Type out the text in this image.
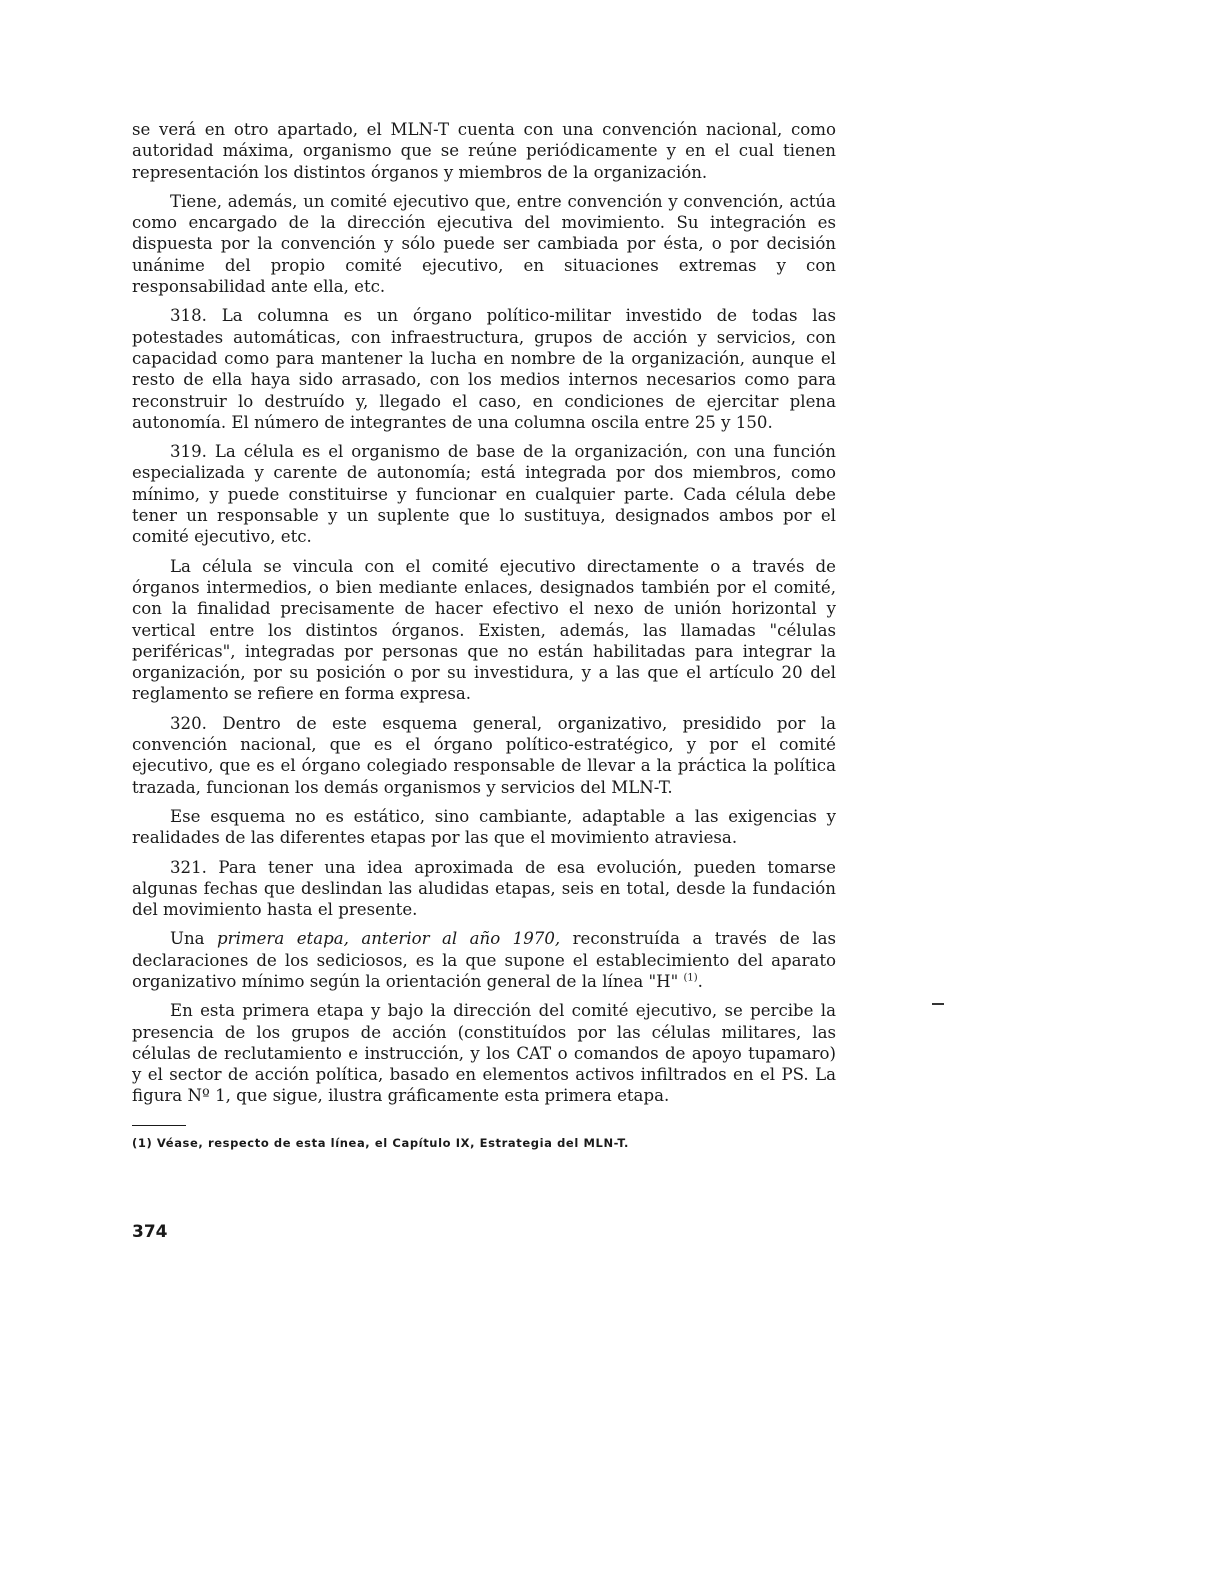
se verá en otro apartado, el MLN-T cuenta con una convención nacional, como autoridad máxima, organismo que se reúne periódicamente y en el cual tienen representación los distintos órganos y miembros de la organización.

Tiene, además, un comité ejecutivo que, entre convención y convención, actúa como encargado de la dirección ejecutiva del movimiento. Su integración es dispuesta por la convención y sólo puede ser cambiada por ésta, o por decisión unánime del propio comité ejecutivo, en situaciones extremas y con responsabilidad ante ella, etc.

318. La columna es un órgano político-militar investido de todas las potestades automáticas, con infraestructura, grupos de acción y servicios, con capacidad como para mantener la lucha en nombre de la organización, aunque el resto de ella haya sido arrasado, con los medios internos necesarios como para reconstruir lo destruído y, llegado el caso, en condiciones de ejercitar plena autonomía. El número de integrantes de una columna oscila entre 25 y 150.

319. La célula es el organismo de base de la organización, con una función especializada y carente de autonomía; está integrada por dos miembros, como mínimo, y puede constituirse y funcionar en cualquier parte. Cada célula debe tener un responsable y un suplente que lo sustituya, designados ambos por el comité ejecutivo, etc.

La célula se vincula con el comité ejecutivo directamente o a través de órganos intermedios, o bien mediante enlaces, designados también por el comité, con la finalidad precisamente de hacer efectivo el nexo de unión horizontal y vertical entre los distintos órganos. Existen, además, las llamadas "células periféricas", integradas por personas que no están habilitadas para integrar la organización, por su posición o por su investidura, y a las que el artículo 20 del reglamento se refiere en forma expresa.

320. Dentro de este esquema general, organizativo, presidido por la convención nacional, que es el órgano político-estratégico, y por el comité ejecutivo, que es el órgano colegiado responsable de llevar a la práctica la política trazada, funcionan los demás organismos y servicios del MLN-T.

Ese esquema no es estático, sino cambiante, adaptable a las exigencias y realidades de las diferentes etapas por las que el movimiento atraviesa.

321. Para tener una idea aproximada de esa evolución, pueden tomarse algunas fechas que deslindan las aludidas etapas, seis en total, desde la fundación del movimiento hasta el presente.

Una primera etapa, anterior al año 1970, reconstruída a través de las declaraciones de los sediciosos, es la que supone el establecimiento del aparato organizativo mínimo según la orientación general de la línea "H" $^{(1)}$.

En esta primera etapa y bajo la dirección del comité ejecutivo, se percibe la presencia de los grupos de acción (constituídos por las células militares, las células de reclutamiento e instrucción, y los CAT o comandos de apoyo tupamaro) y el sector de acción política, basado en elementos activos infiltrados en el PS. La figura Nº 1, que sigue, ilustra gráficamente esta primera etapa.

(1) Véase, respecto de esta línea, el Capítulo IX, Estrategia del MLN-T.

374
